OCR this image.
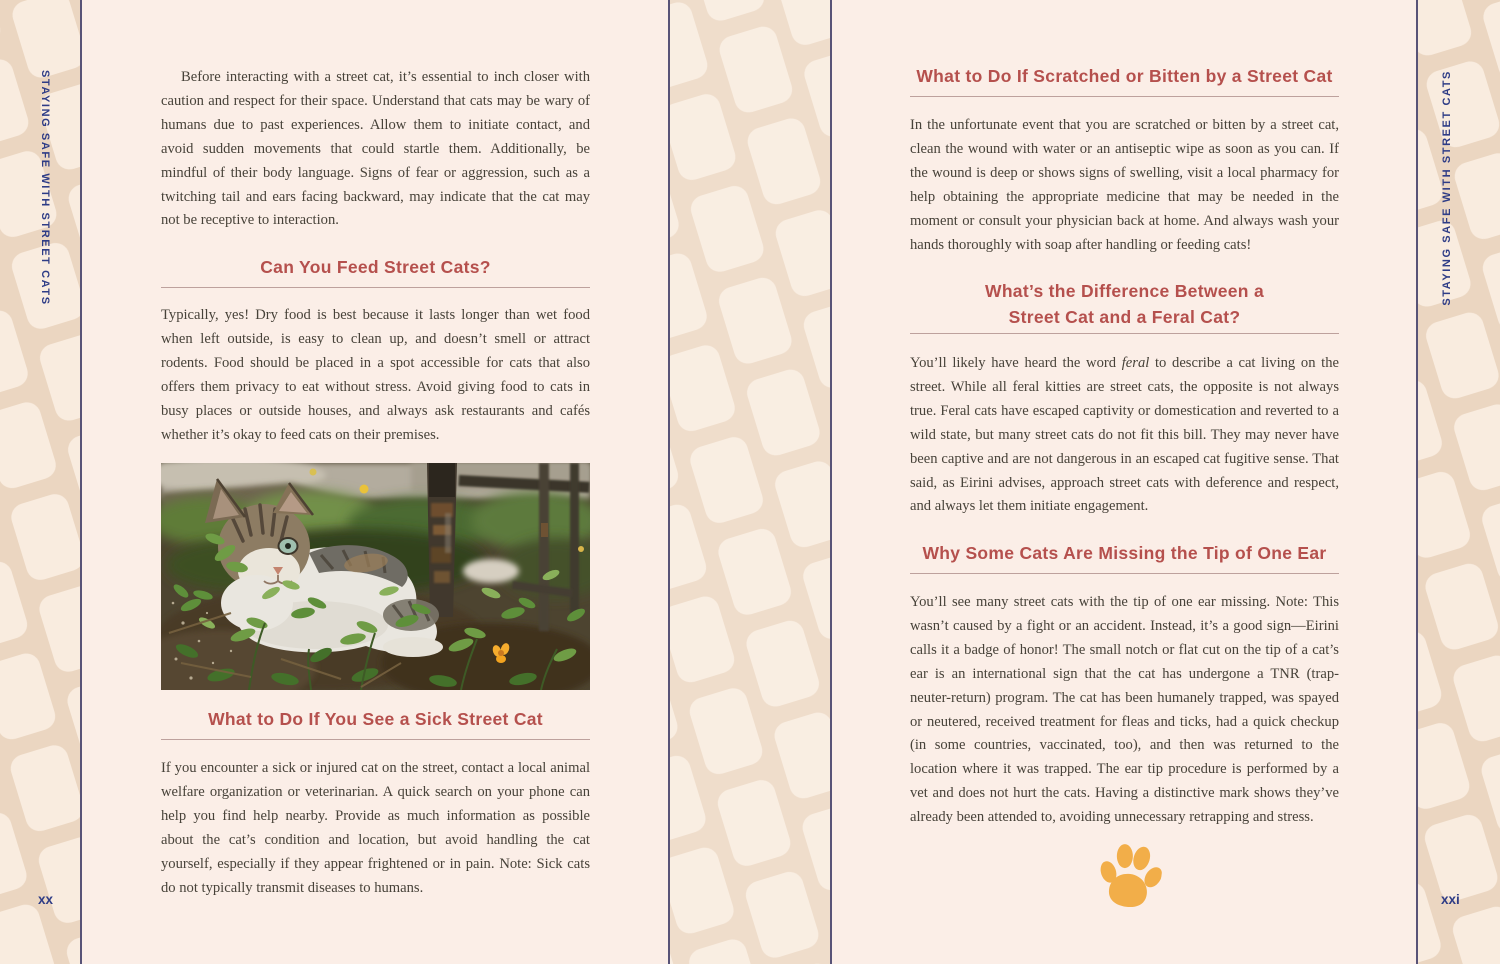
Before interacting with a street cat, it’s essential to inch closer with caution and respect for their space. Understand that cats may be wary of humans due to past experiences. Allow them to initiate contact, and avoid sudden movements that could startle them. Additionally, be mindful of their body language. Signs of fear or aggression, such as a twitching tail and ears facing backward, may indicate that the cat may not be receptive to interaction.

Can You Feed Street Cats?

Typically, yes! Dry food is best because it lasts longer than wet food when left outside, is easy to clean up, and doesn’t smell or attract rodents. Food should be placed in a spot accessible for cats that also offers them privacy to eat without stress. Avoid giving food to cats in busy places or outside houses, and always ask restaurants and cafés whether it’s okay to feed cats on their premises.

What to Do If You See a Sick Street Cat

If you encounter a sick or injured cat on the street, contact a local animal welfare organization or veterinarian. A quick search on your phone can help you find help nearby. Provide as much information as possible about the cat’s condition and location, but avoid handling the cat yourself, especially if they appear frightened or in pain. Note: Sick cats do not typically transmit diseases to humans.

What to Do If Scratched or Bitten by a Street Cat

In the unfortunate event that you are scratched or bitten by a street cat, clean the wound with water or an antiseptic wipe as soon as you can. If the wound is deep or shows signs of swelling, visit a local pharmacy for help obtaining the appropriate medicine that may be needed in the moment or consult your physician back at home. And always wash your hands thoroughly with soap after handling or feeding cats!

What’s the Difference Between a
Street Cat and a Feral Cat?

You’ll likely have heard the word feral to describe a cat living on the street. While all feral kitties are street cats, the opposite is not always true. Feral cats have escaped captivity or domestication and reverted to a wild state, but many street cats do not fit this bill. They may never have been captive and are not dangerous in an escaped cat fugitive sense. That said, as Eirini advises, approach street cats with deference and respect, and always let them initiate engagement.

Why Some Cats Are Missing the Tip of One Ear

You’ll see many street cats with the tip of one ear missing. Note: This wasn’t caused by a fight or an accident. Instead, it’s a good sign—Eirini calls it a badge of honor! The small notch or flat cut on the tip of a cat’s ear is an international sign that the cat has undergone a TNR (trap-neuter-return) program. The cat has been humanely trapped, was spayed or neutered, received treatment for fleas and ticks, had a quick checkup (in some countries, vaccinated, too), and then was returned to the location where it was trapped. The ear tip procedure is performed by a vet and does not hurt the cats. Having a distinctive mark shows they’ve already been attended to, avoiding unnecessary retrapping and stress.

STAYING SAFE WITH STREET CATS	STAYING SAFE WITH STREET CATS
xx	xxi
